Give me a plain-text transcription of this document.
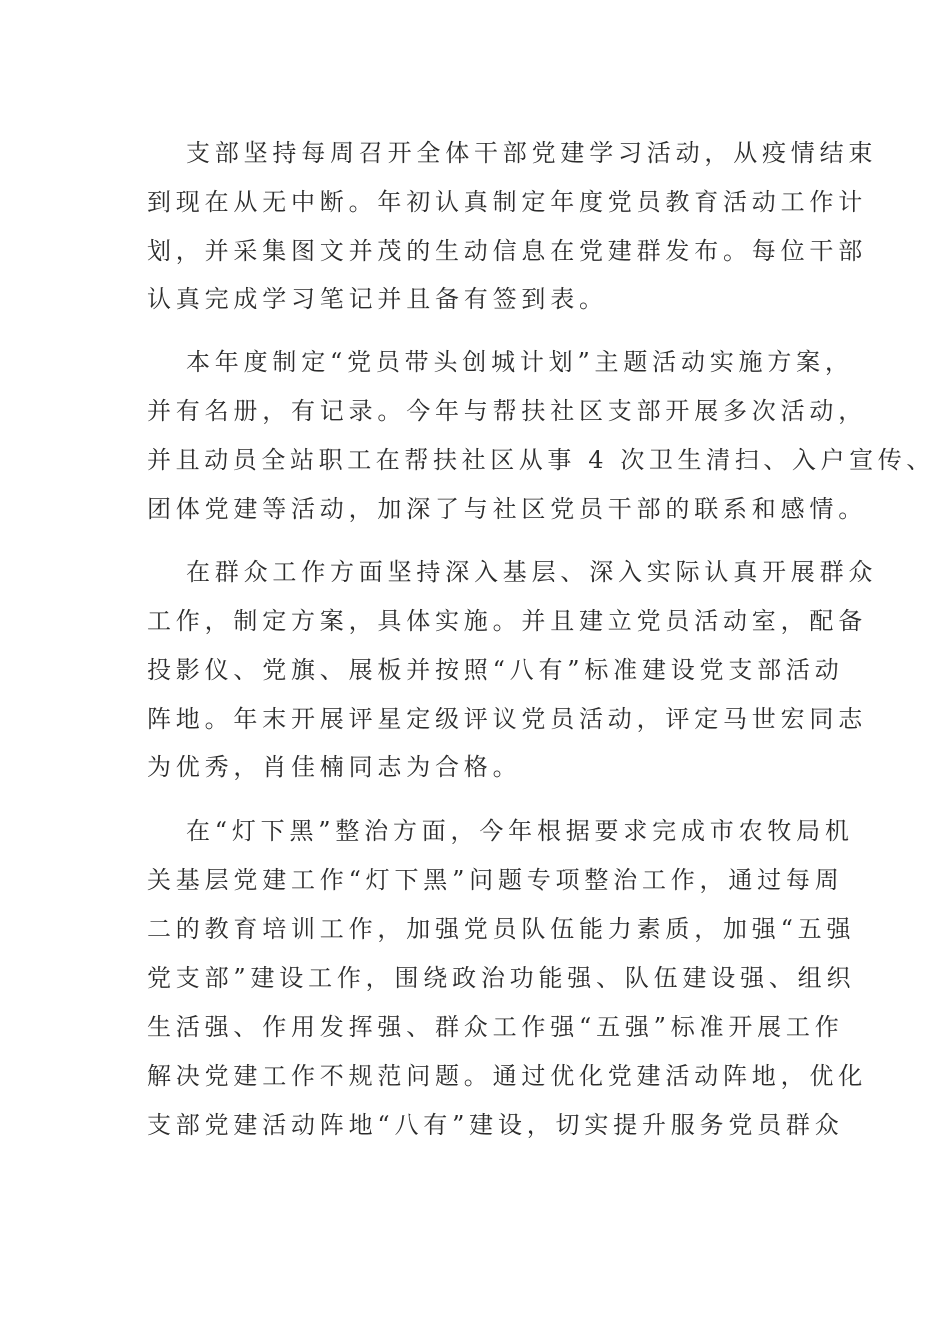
支部坚持每周召开全体干部党建学习活动，从疫情结束

到现在从无中断。年初认真制定年度党员教育活动工作计

划，并采集图文并茂的生动信息在党建群发布。每位干部

认真完成学习笔记并且备有签到表。

本年度制定“党员带头创城计划”主题活动实施方案，

并有名册，有记录。今年与帮扶社区支部开展多次活动，

并且动员全站职工在帮扶社区从事 4 次卫生清扫、入户宣传、

团体党建等活动，加深了与社区党员干部的联系和感情。

在群众工作方面坚持深入基层、深入实际认真开展群众

工作，制定方案，具体实施。并且建立党员活动室，配备

投影仪、党旗、展板并按照“八有”标准建设党支部活动

阵地。年末开展评星定级评议党员活动，评定马世宏同志

为优秀，肖佳楠同志为合格。

在“灯下黑”整治方面，今年根据要求完成市农牧局机

关基层党建工作“灯下黑”问题专项整治工作，通过每周

二的教育培训工作，加强党员队伍能力素质，加强“五强

党支部”建设工作，围绕政治功能强、队伍建设强、组织

生活强、作用发挥强、群众工作强“五强”标准开展工作

解决党建工作不规范问题。通过优化党建活动阵地，优化

支部党建活动阵地“八有”建设，切实提升服务党员群众
